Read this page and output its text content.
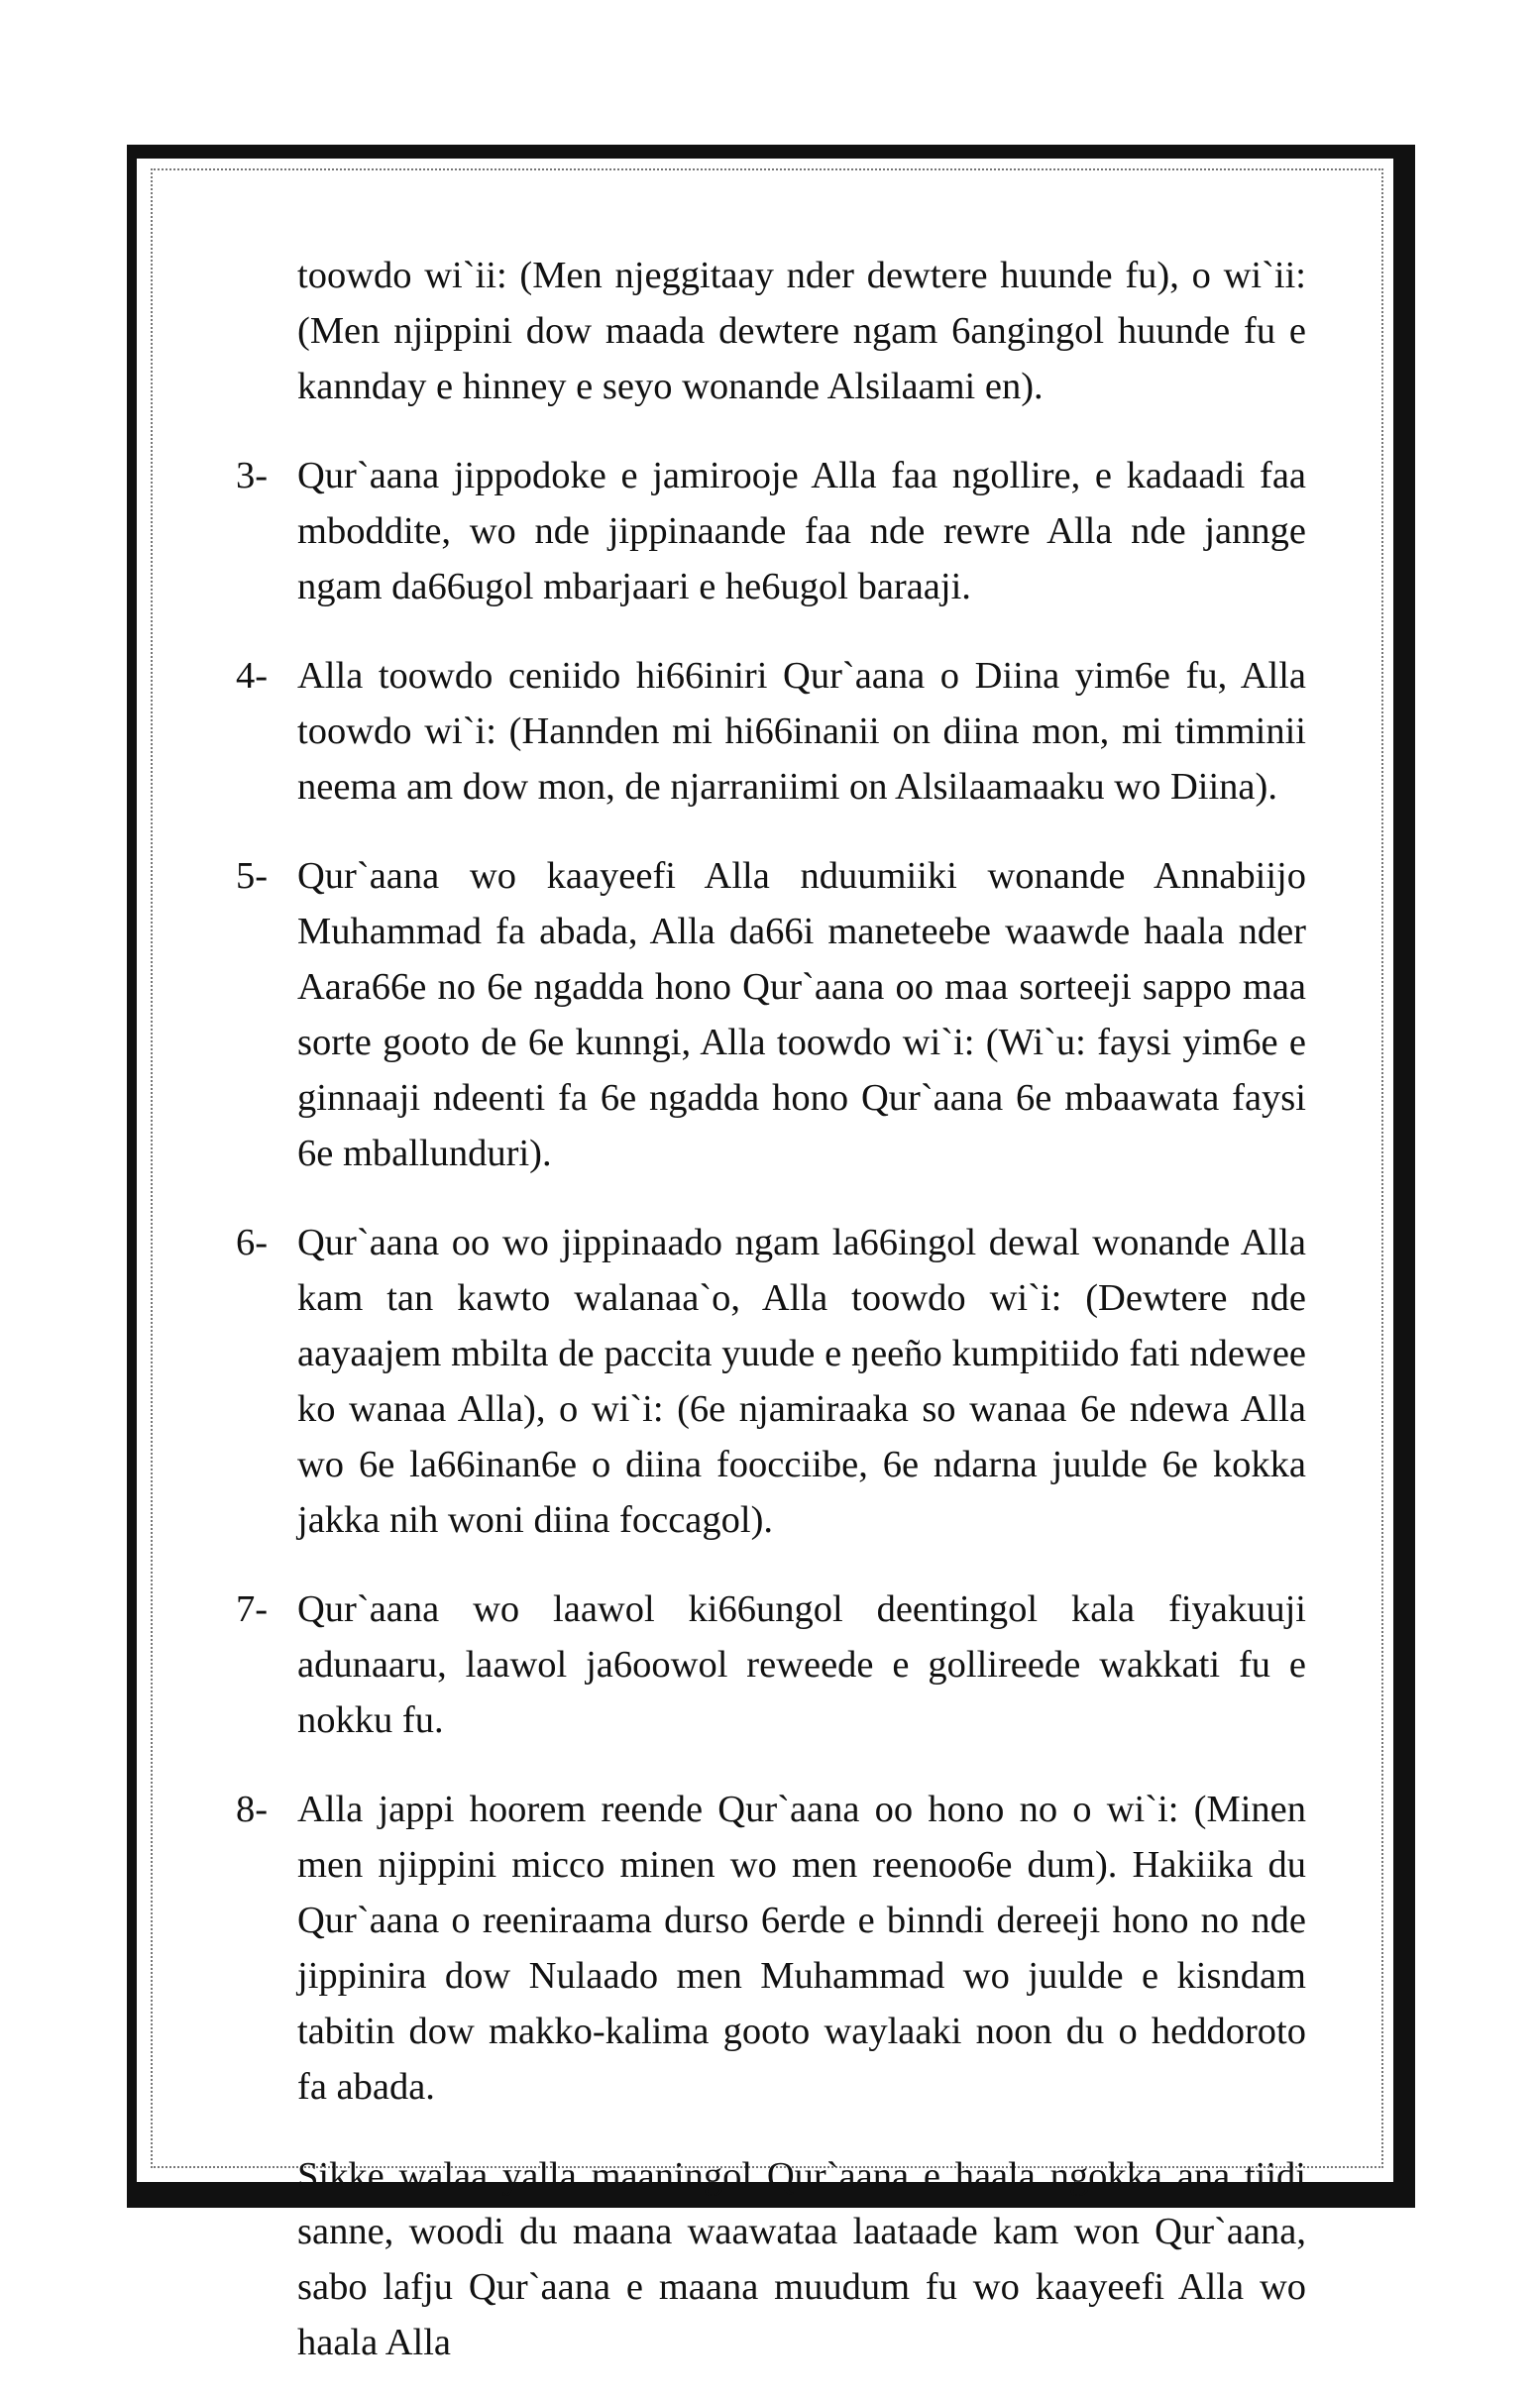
toowdo wi`ii: (Men njeggitaay nder dewtere huunde fu), o wi`ii: (Men njippini dow maada dewtere ngam 6angingol huunde fu e kannday e hinney e seyo wonande Alsilaami en).

3- Qur`aana jippodoke e jamirooje Alla faa ngollire, e kadaadi faa mboddite, wo nde jippinaande faa nde rewre Alla nde jannge ngam da66ugol mbarjaari e he6ugol baraaji.

4- Alla toowdo ceniido hi66iniri Qur`aana o Diina yim6e fu, Alla toowdo wi`i: (Hannden mi hi66inanii on diina mon, mi timminii neema am dow mon, de njarraniimi on Alsilaamaaku wo Diina).

5- Qur`aana wo kaayeefi Alla nduumiiki wonande Annabiijo Muhammad fa abada, Alla da66i maneteebe waawde haala nder Aara66e no 6e ngadda hono Qur`aana oo maa sorteeji sappo maa sorte gooto de 6e kunngi, Alla toowdo wi`i: (Wi`u: faysi yim6e e ginnaaji ndeenti fa 6e ngadda hono Qur`aana 6e mbaawata faysi 6e mballunduri).

6- Qur`aana oo wo jippinaado ngam la66ingol dewal wonande Alla kam tan kawto walanaa`o, Alla toowdo wi`i: (Dewtere nde aayaajem mbilta de paccita yuude e ŋeeño kumpitiido fati ndewee ko wanaa Alla), o wi`i: (6e njamiraaka so wanaa 6e ndewa Alla wo 6e la66inan6e o diina foocciibe, 6e ndarna juulde 6e kokka jakka nih woni diina foccagol).

7- Qur`aana wo laawol ki66ungol deentingol kala fiyakuuji adunaaru, laawol ja6oowol reweede e gollireede wakkati fu e nokku fu.

8- Alla jappi hoorem reende Qur`aana oo hono no o wi`i: (Minen men njippini micco minen wo men reenoo6e dum). Hakiika du Qur`aana o reeniraama durso 6erde e binndi dereeji hono no nde jippinira dow Nulaado men Muhammad wo juulde e kisndam tabitin dow makko-kalima gooto waylaaki noon du o heddoroto fa abada.

Sikke walaa yalla maaningol Qur`aana e haala ngokka ana tiidi sanne, woodi du maana waawataa laataade kam won Qur`aana, sabo lafju Qur`aana e maana muudum fu wo kaayeefi Alla wo haala Alla
